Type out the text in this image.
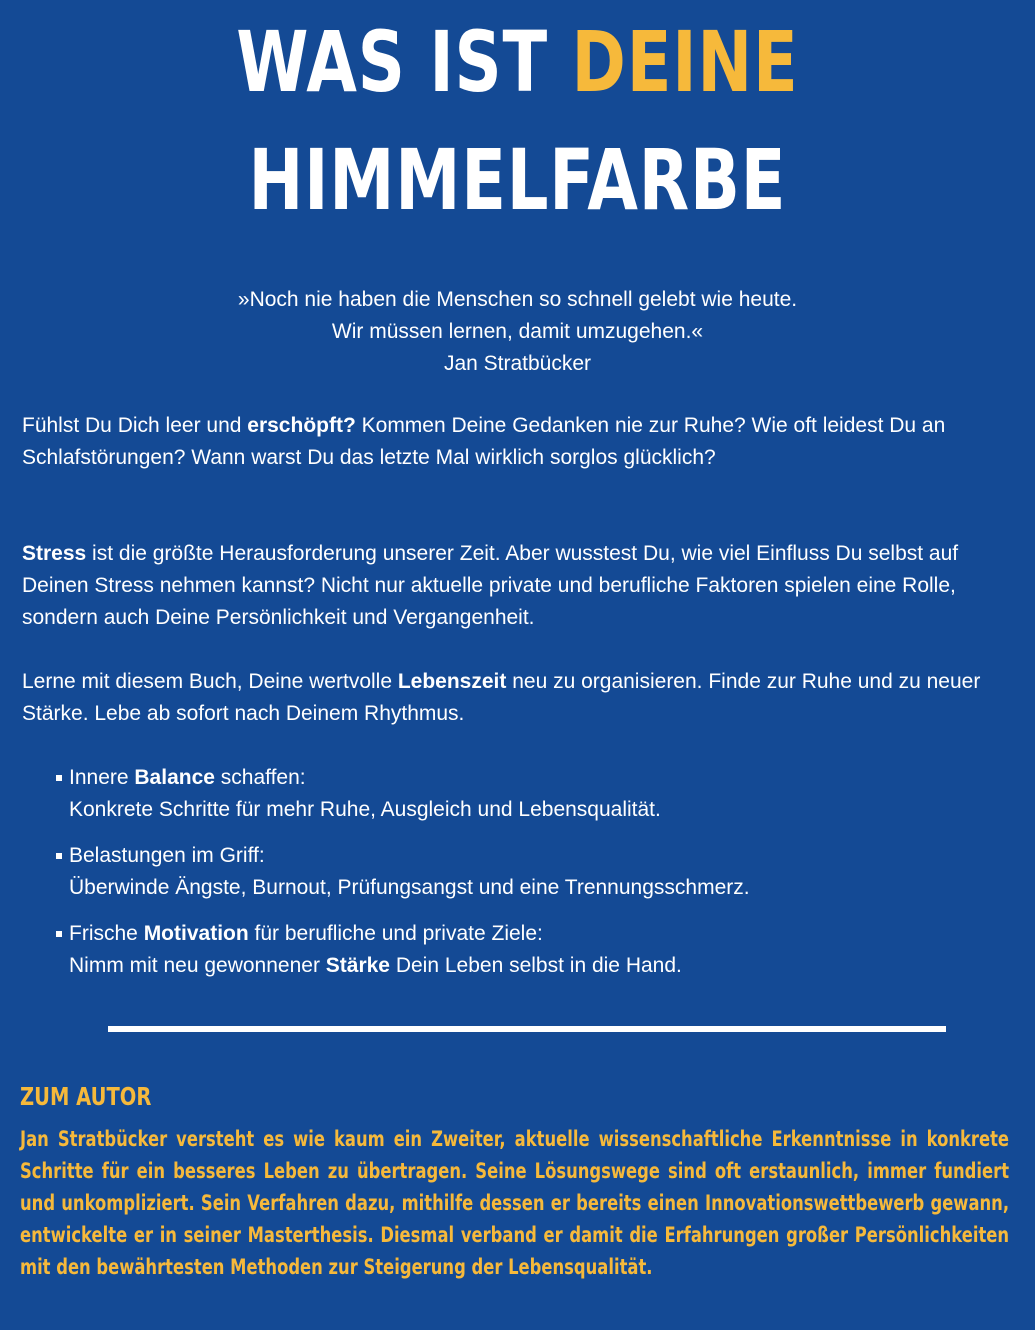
WAS IST DEINE
HIMMELFARBE
»Noch nie haben die Menschen so schnell gelebt wie heute.
Wir müssen lernen, damit umzugehen.«
Jan Stratbücker

Fühlst Du Dich leer und erschöpft? Kommen Deine Gedanken nie zur Ruhe? Wie oft leidest Du an Schlafstörungen? Wann warst Du das letzte Mal wirklich sorglos glücklich?

Stress ist die größte Herausforderung unserer Zeit. Aber wusstest Du, wie viel Einfluss Du selbst auf Deinen Stress nehmen kannst? Nicht nur aktuelle private und berufliche Faktoren spielen eine Rolle, sondern auch Deine Persönlichkeit und Vergangenheit.

Lerne mit diesem Buch, Deine wertvolle Lebenszeit neu zu organisieren. Finde zur Ruhe und zu neuer Stärke. Lebe ab sofort nach Deinem Rhythmus.

Innere Balance schaffen:
Konkrete Schritte für mehr Ruhe, Ausgleich und Lebensqualität.
Belastungen im Griff:
Überwinde Ängste, Burnout, Prüfungsangst und eine Trennungsschmerz.
Frische Motivation für berufliche und private Ziele:
Nimm mit neu gewonnener Stärke Dein Leben selbst in die Hand.
ZUM AUTOR

Jan Stratbücker versteht es wie kaum ein Zweiter, aktuelle wissenschaftliche Erkenntnisse in konkrete Schritte für ein besseres Leben zu übertragen. Seine Lösungswege sind oft erstaunlich, immer fundiert und unkompliziert. Sein Verfahren dazu, mithilfe dessen er bereits einen Innovationswettbewerb gewann, entwickelte er in seiner Masterthesis. Diesmal verband er damit die Erfahrungen großer Persönlichkeiten mit den bewährtesten Methoden zur Steigerung der Lebensqualität.
